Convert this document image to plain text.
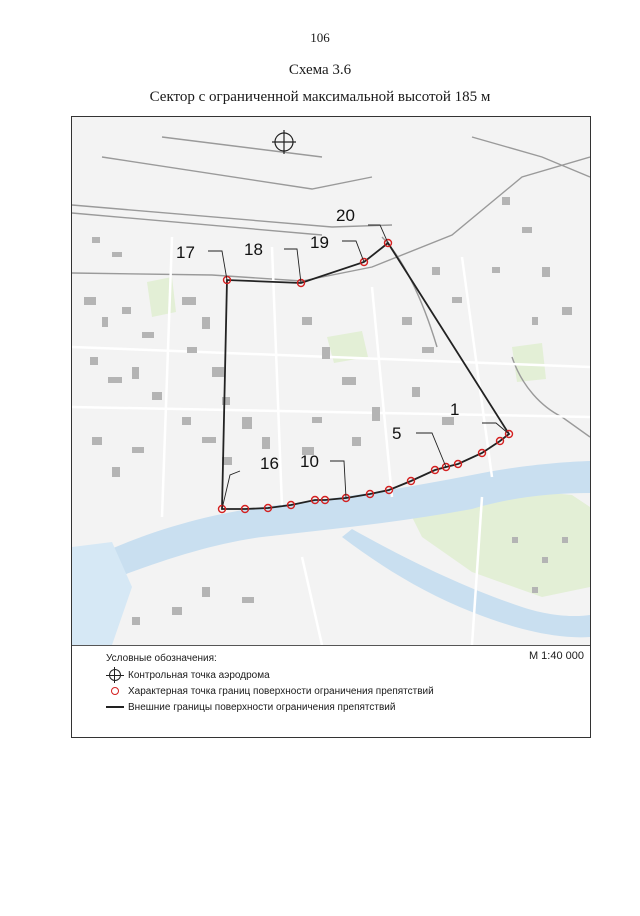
106
Схема 3.6
Сектор с ограниченной максимальной высотой 185 м
1
5
10
16
17	18	19
20
Условные обозначения:	М 1:40 000
Контрольная точка аэродрома
Характерная точка границ поверхности ограничения препятствий
Внешние границы поверхности ограничения препятствий
